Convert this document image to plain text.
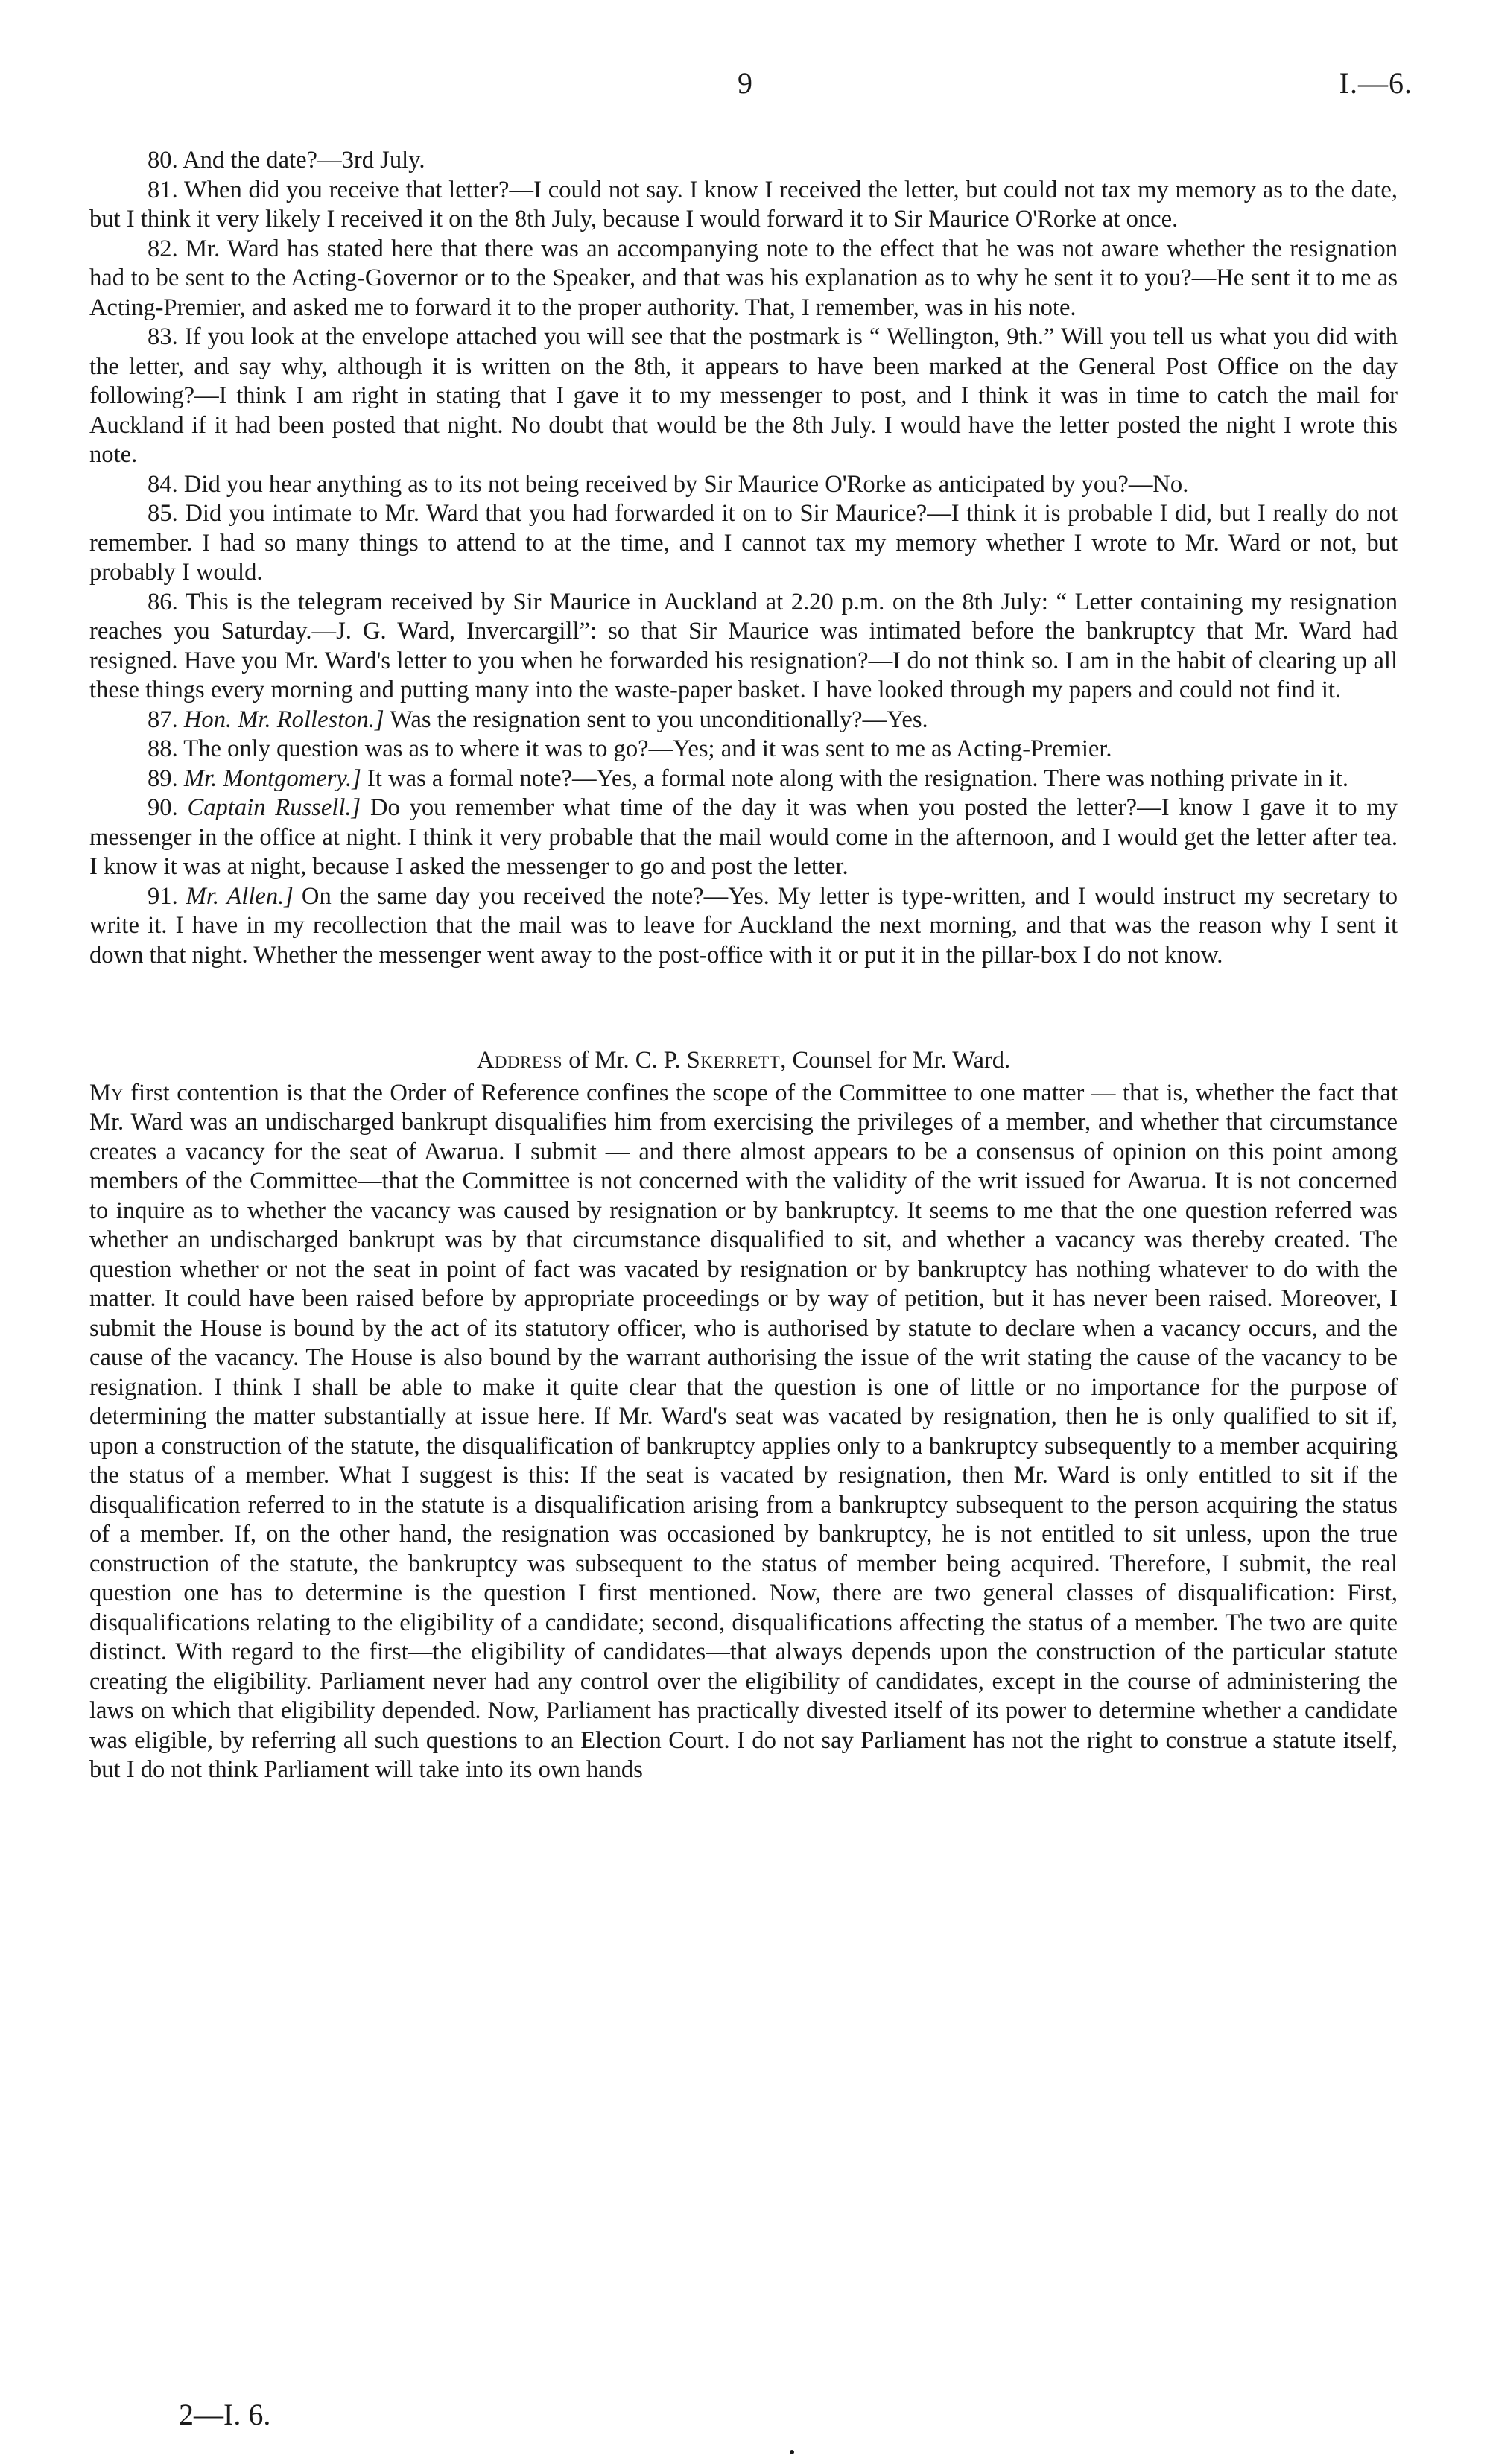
9	I.—6.

80. And the date?—3rd July.

81. When did you receive that letter?—I could not say. I know I received the letter, but could not tax my memory as to the date, but I think it very likely I received it on the 8th July, because I would forward it to Sir Maurice O'Rorke at once.

82. Mr. Ward has stated here that there was an accompanying note to the effect that he was not aware whether the resignation had to be sent to the Acting-Governor or to the Speaker, and that was his explanation as to why he sent it to you?—He sent it to me as Acting-Premier, and asked me to forward it to the proper authority. That, I remember, was in his note.

83. If you look at the envelope attached you will see that the postmark is “ Wellington, 9th.” Will you tell us what you did with the letter, and say why, although it is written on the 8th, it appears to have been marked at the General Post Office on the day following?—I think I am right in stating that I gave it to my messenger to post, and I think it was in time to catch the mail for Auckland if it had been posted that night. No doubt that would be the 8th July. I would have the letter posted the night I wrote this note.

84. Did you hear anything as to its not being received by Sir Maurice O'Rorke as anticipated by you?—No.

85. Did you intimate to Mr. Ward that you had forwarded it on to Sir Maurice?—I think it is probable I did, but I really do not remember. I had so many things to attend to at the time, and I cannot tax my memory whether I wrote to Mr. Ward or not, but probably I would.

86. This is the telegram received by Sir Maurice in Auckland at 2.20 p.m. on the 8th July: “ Letter containing my resignation reaches you Saturday.—J. G. Ward, Invercargill”: so that Sir Maurice was intimated before the bankruptcy that Mr. Ward had resigned. Have you Mr. Ward's letter to you when he forwarded his resignation?—I do not think so. I am in the habit of clearing up all these things every morning and putting many into the waste-paper basket. I have looked through my papers and could not find it.

87. Hon. Mr. Rolleston.] Was the resignation sent to you unconditionally?—Yes.

88. The only question was as to where it was to go?—Yes; and it was sent to me as Acting-Premier.

89. Mr. Montgomery.] It was a formal note?—Yes, a formal note along with the resignation. There was nothing private in it.

90. Captain Russell.] Do you remember what time of the day it was when you posted the letter?—I know I gave it to my messenger in the office at night. I think it very probable that the mail would come in the afternoon, and I would get the letter after tea. I know it was at night, because I asked the messenger to go and post the letter.

91. Mr. Allen.] On the same day you received the note?—Yes. My letter is type-written, and I would instruct my secretary to write it. I have in my recollection that the mail was to leave for Auckland the next morning, and that was the reason why I sent it down that night. Whether the messenger went away to the post-office with it or put it in the pillar-box I do not know.

Address of Mr. C. P. Skerrett, Counsel for Mr. Ward.

My first contention is that the Order of Reference confines the scope of the Committee to one matter — that is, whether the fact that Mr. Ward was an undischarged bankrupt disqualifies him from exercising the privileges of a member, and whether that circumstance creates a vacancy for the seat of Awarua. I submit — and there almost appears to be a consensus of opinion on this point among members of the Committee—that the Committee is not concerned with the validity of the writ issued for Awarua. It is not concerned to inquire as to whether the vacancy was caused by resignation or by bankruptcy. It seems to me that the one question referred was whether an undischarged bankrupt was by that circumstance disqualified to sit, and whether a vacancy was thereby created. The question whether or not the seat in point of fact was vacated by resignation or by bankruptcy has nothing whatever to do with the matter. It could have been raised before by appropriate proceedings or by way of petition, but it has never been raised. Moreover, I submit the House is bound by the act of its statutory officer, who is authorised by statute to declare when a vacancy occurs, and the cause of the vacancy. The House is also bound by the warrant authorising the issue of the writ stating the cause of the vacancy to be resignation. I think I shall be able to make it quite clear that the question is one of little or no importance for the purpose of determining the matter substantially at issue here. If Mr. Ward's seat was vacated by resignation, then he is only qualified to sit if, upon a construction of the statute, the disqualification of bankruptcy applies only to a bankruptcy subsequently to a member acquiring the status of a member. What I suggest is this: If the seat is vacated by resignation, then Mr. Ward is only entitled to sit if the disqualification referred to in the statute is a disqualification arising from a bankruptcy subsequent to the person acquiring the status of a member. If, on the other hand, the resignation was occasioned by bankruptcy, he is not entitled to sit unless, upon the true construction of the statute, the bankruptcy was subsequent to the status of member being acquired. Therefore, I submit, the real question one has to determine is the question I first mentioned. Now, there are two general classes of disqualification: First, disqualifications relating to the eligibility of a candidate; second, disqualifications affecting the status of a member. The two are quite distinct. With regard to the first—the eligibility of candidates—that always depends upon the construction of the particular statute creating the eligibility. Parliament never had any control over the eligibility of candidates, except in the course of administering the laws on which that eligibility depended. Now, Parliament has practically divested itself of its power to determine whether a candidate was eligible, by referring all such questions to an Election Court. I do not say Parliament has not the right to construe a statute itself, but I do not think Parliament will take into its own hands

2—I. 6.
